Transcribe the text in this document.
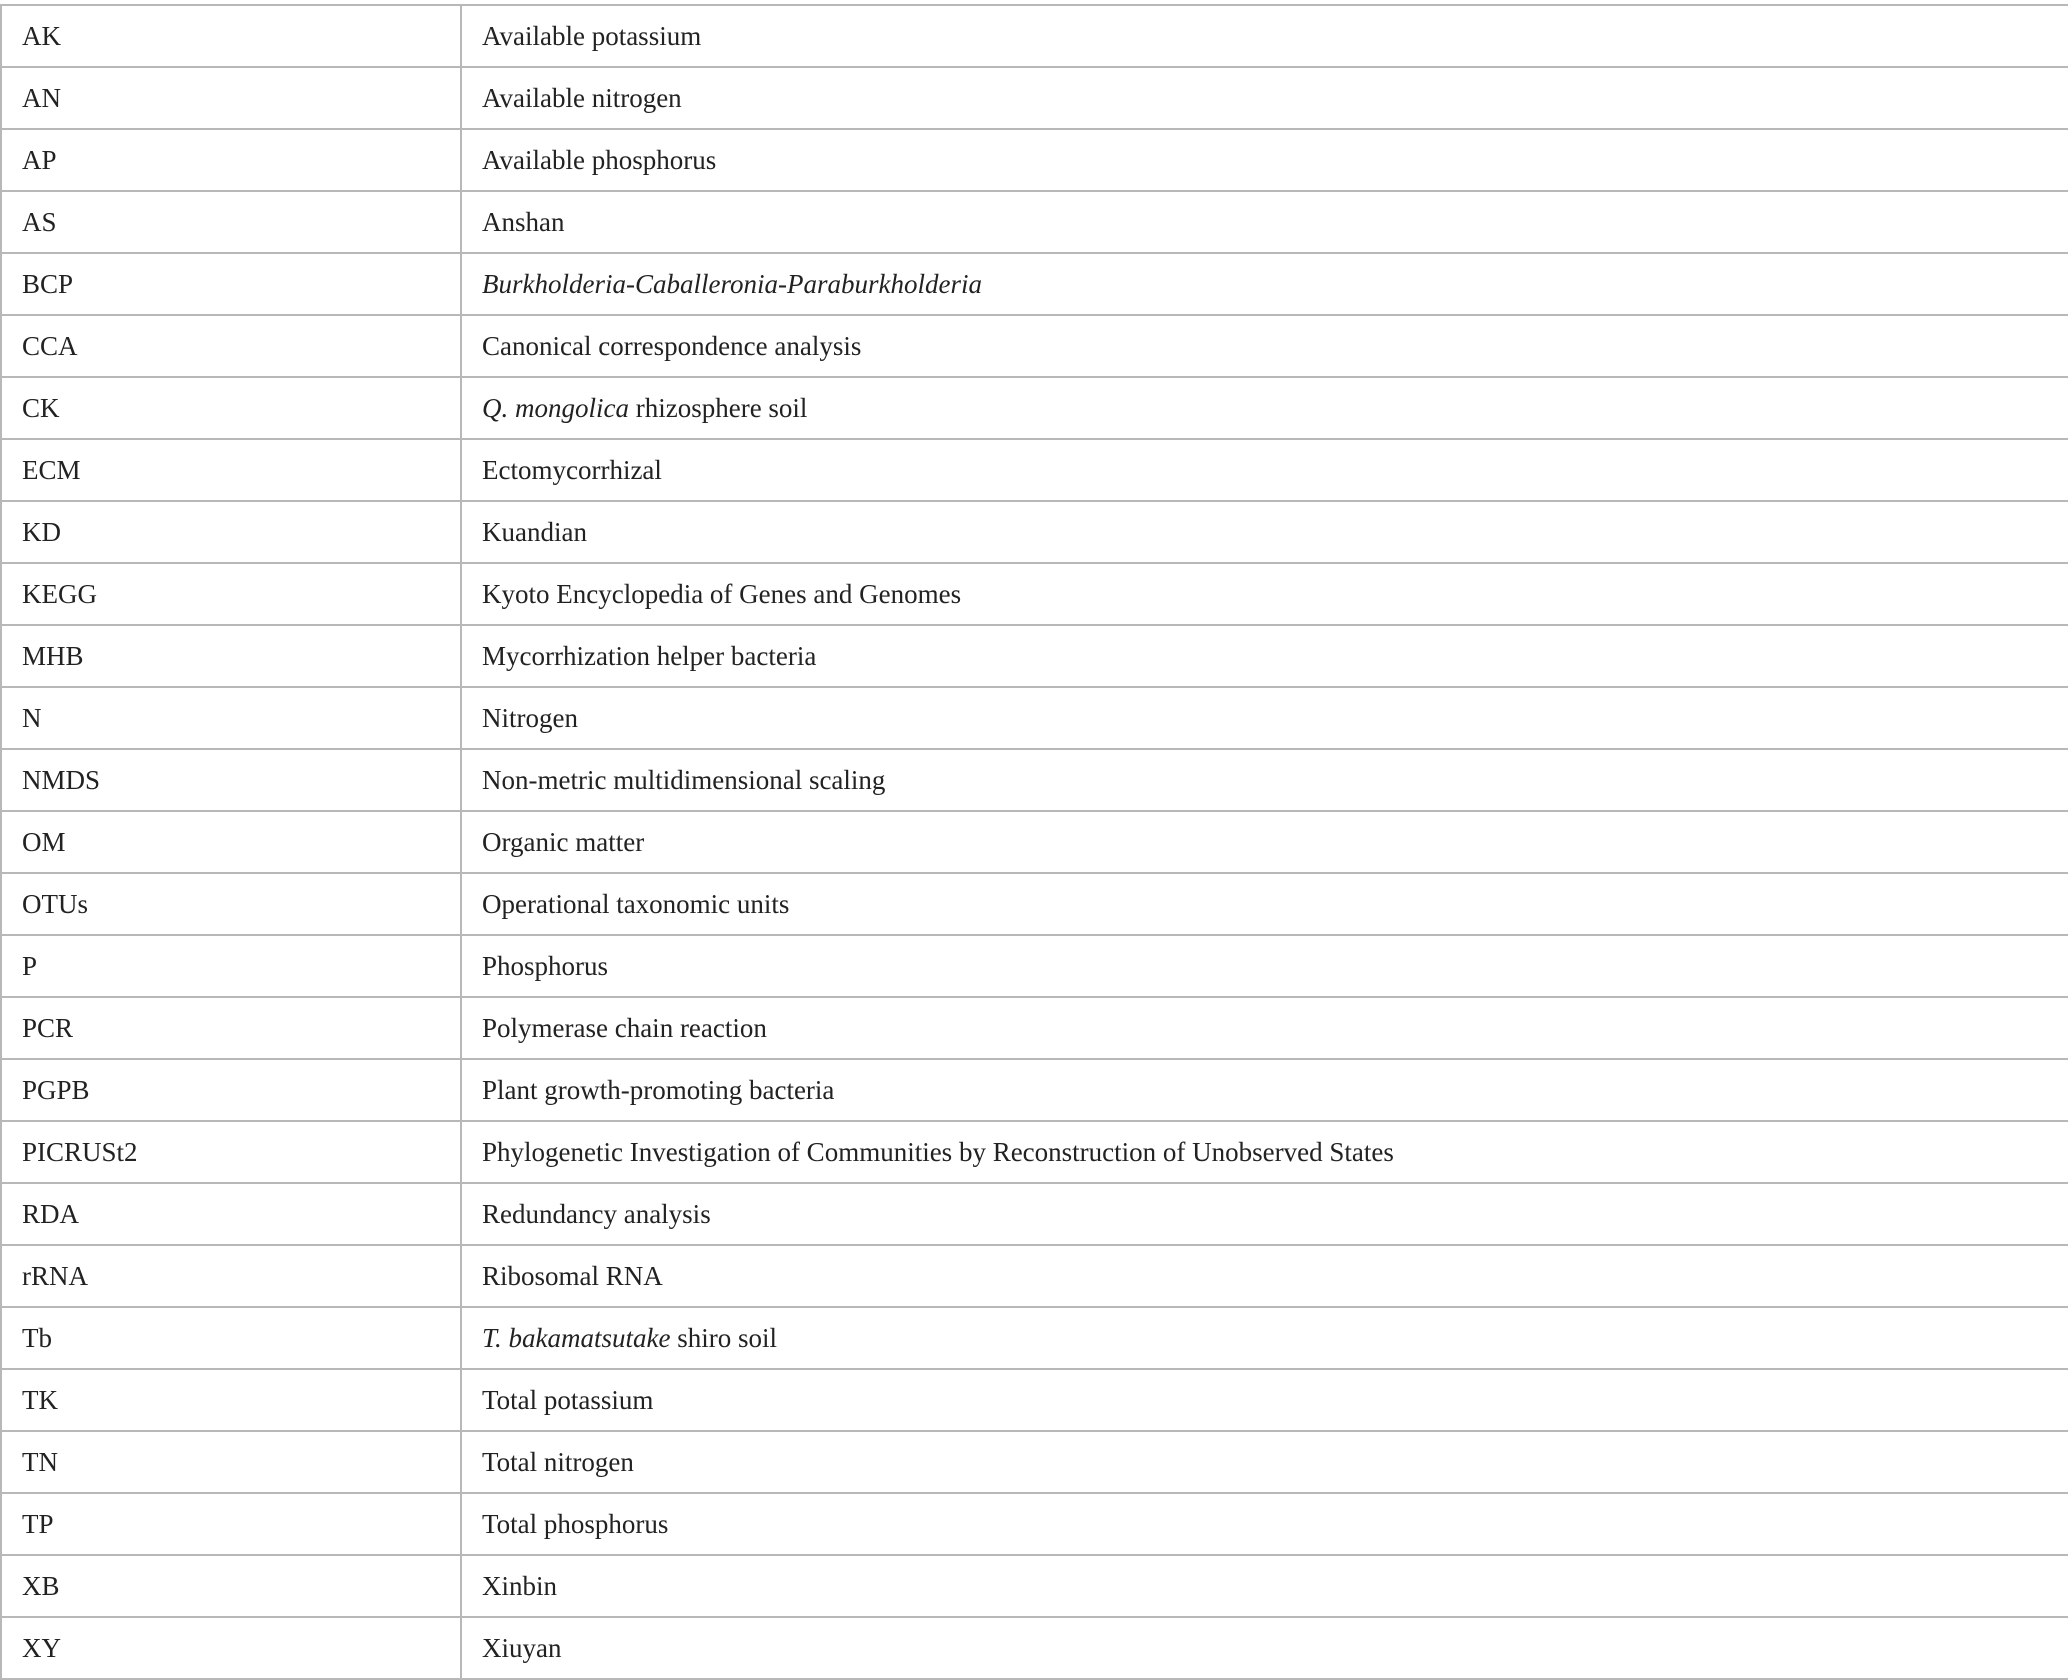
AK	Available potassium
AN	Available nitrogen
AP	Available phosphorus
AS	Anshan
BCP	Burkholderia-Caballeronia-Paraburkholderia
CCA	Canonical correspondence analysis
CK	Q. mongolica rhizosphere soil
ECM	Ectomycorrhizal
KD	Kuandian
KEGG	Kyoto Encyclopedia of Genes and Genomes
MHB	Mycorrhization helper bacteria
N	Nitrogen
NMDS	Non-metric multidimensional scaling
OM	Organic matter
OTUs	Operational taxonomic units
P	Phosphorus
PCR	Polymerase chain reaction
PGPB	Plant growth-promoting bacteria
PICRUSt2	Phylogenetic Investigation of Communities by Reconstruction of Unobserved States
RDA	Redundancy analysis
rRNA	Ribosomal RNA
Tb	T. bakamatsutake shiro soil
TK	Total potassium
TN	Total nitrogen
TP	Total phosphorus
XB	Xinbin
XY	Xiuyan
